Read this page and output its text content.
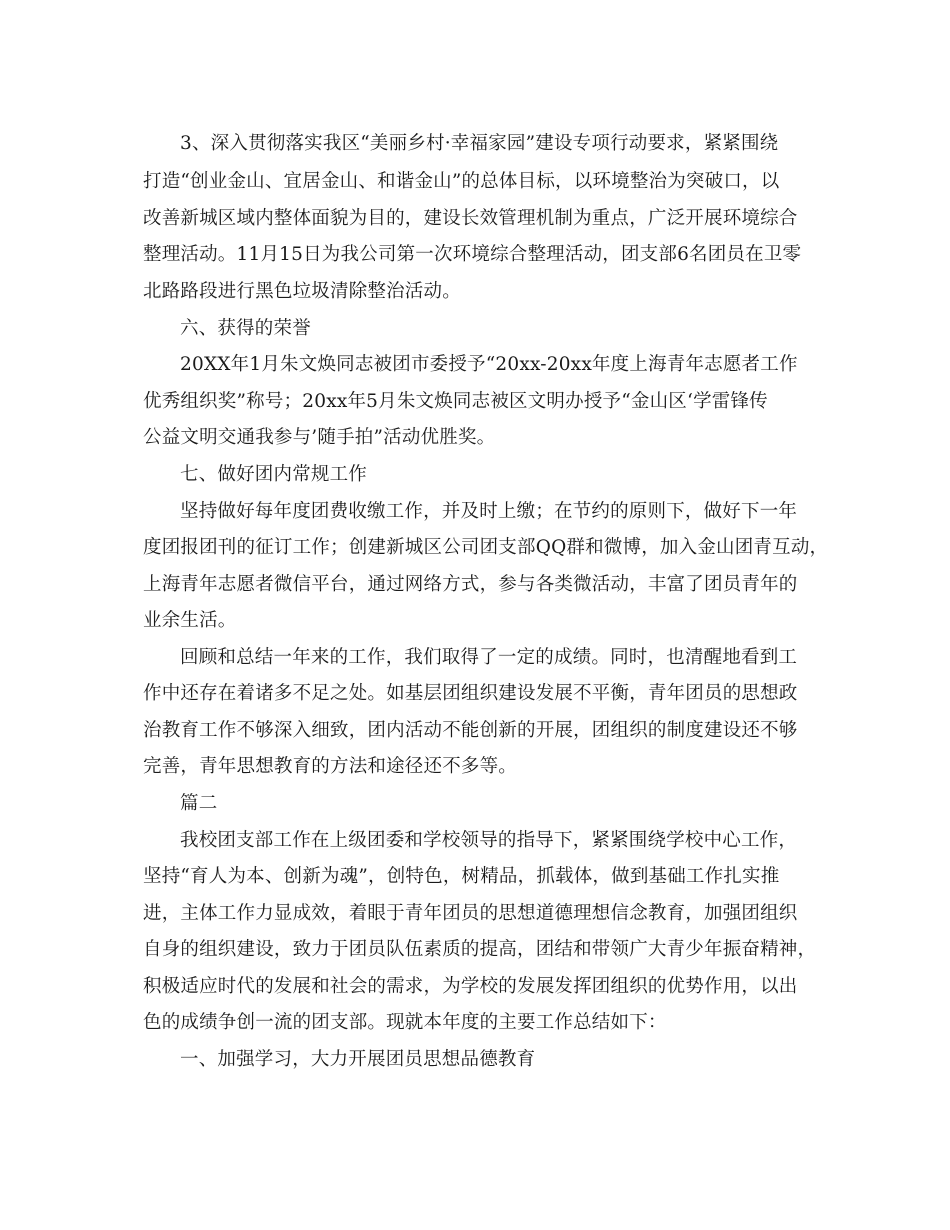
3、深入贯彻落实我区“美丽乡村·幸福家园”建设专项行动要求，紧紧围绕
打造“创业金山、宜居金山、和谐金山”的总体目标，以环境整治为突破口，以
改善新城区域内整体面貌为目的，建设长效管理机制为重点，广泛开展环境综合
整理活动。11月15日为我公司第一次环境综合整理活动，团支部6名团员在卫零
北路路段进行黑色垃圾清除整治活动。
六、获得的荣誉
20XX年1月朱文焕同志被团市委授予“20xx-20xx年度上海青年志愿者工作
优秀组织奖”称号；20xx年5月朱文焕同志被区文明办授予“金山区‘学雷锋传
公益文明交通我参与’随手拍”活动优胜奖。
七、做好团内常规工作
坚持做好每年度团费收缴工作，并及时上缴；在节约的原则下，做好下一年
度团报团刊的征订工作；创建新城区公司团支部QQ群和微博，加入金山团青互动，
上海青年志愿者微信平台，通过网络方式，参与各类微活动，丰富了团员青年的
业余生活。
回顾和总结一年来的工作，我们取得了一定的成绩。同时，也清醒地看到工
作中还存在着诸多不足之处。如基层团组织建设发展不平衡，青年团员的思想政
治教育工作不够深入细致，团内活动不能创新的开展，团组织的制度建设还不够
完善，青年思想教育的方法和途径还不多等。
篇二
我校团支部工作在上级团委和学校领导的指导下，紧紧围绕学校中心工作，
坚持“育人为本、创新为魂”，创特色，树精品，抓载体，做到基础工作扎实推
进，主体工作力显成效，着眼于青年团员的思想道德理想信念教育，加强团组织
自身的组织建设，致力于团员队伍素质的提高，团结和带领广大青少年振奋精神，
积极适应时代的发展和社会的需求，为学校的发展发挥团组织的优势作用，以出
色的成绩争创一流的团支部。现就本年度的主要工作总结如下：
一、加强学习，大力开展团员思想品德教育
